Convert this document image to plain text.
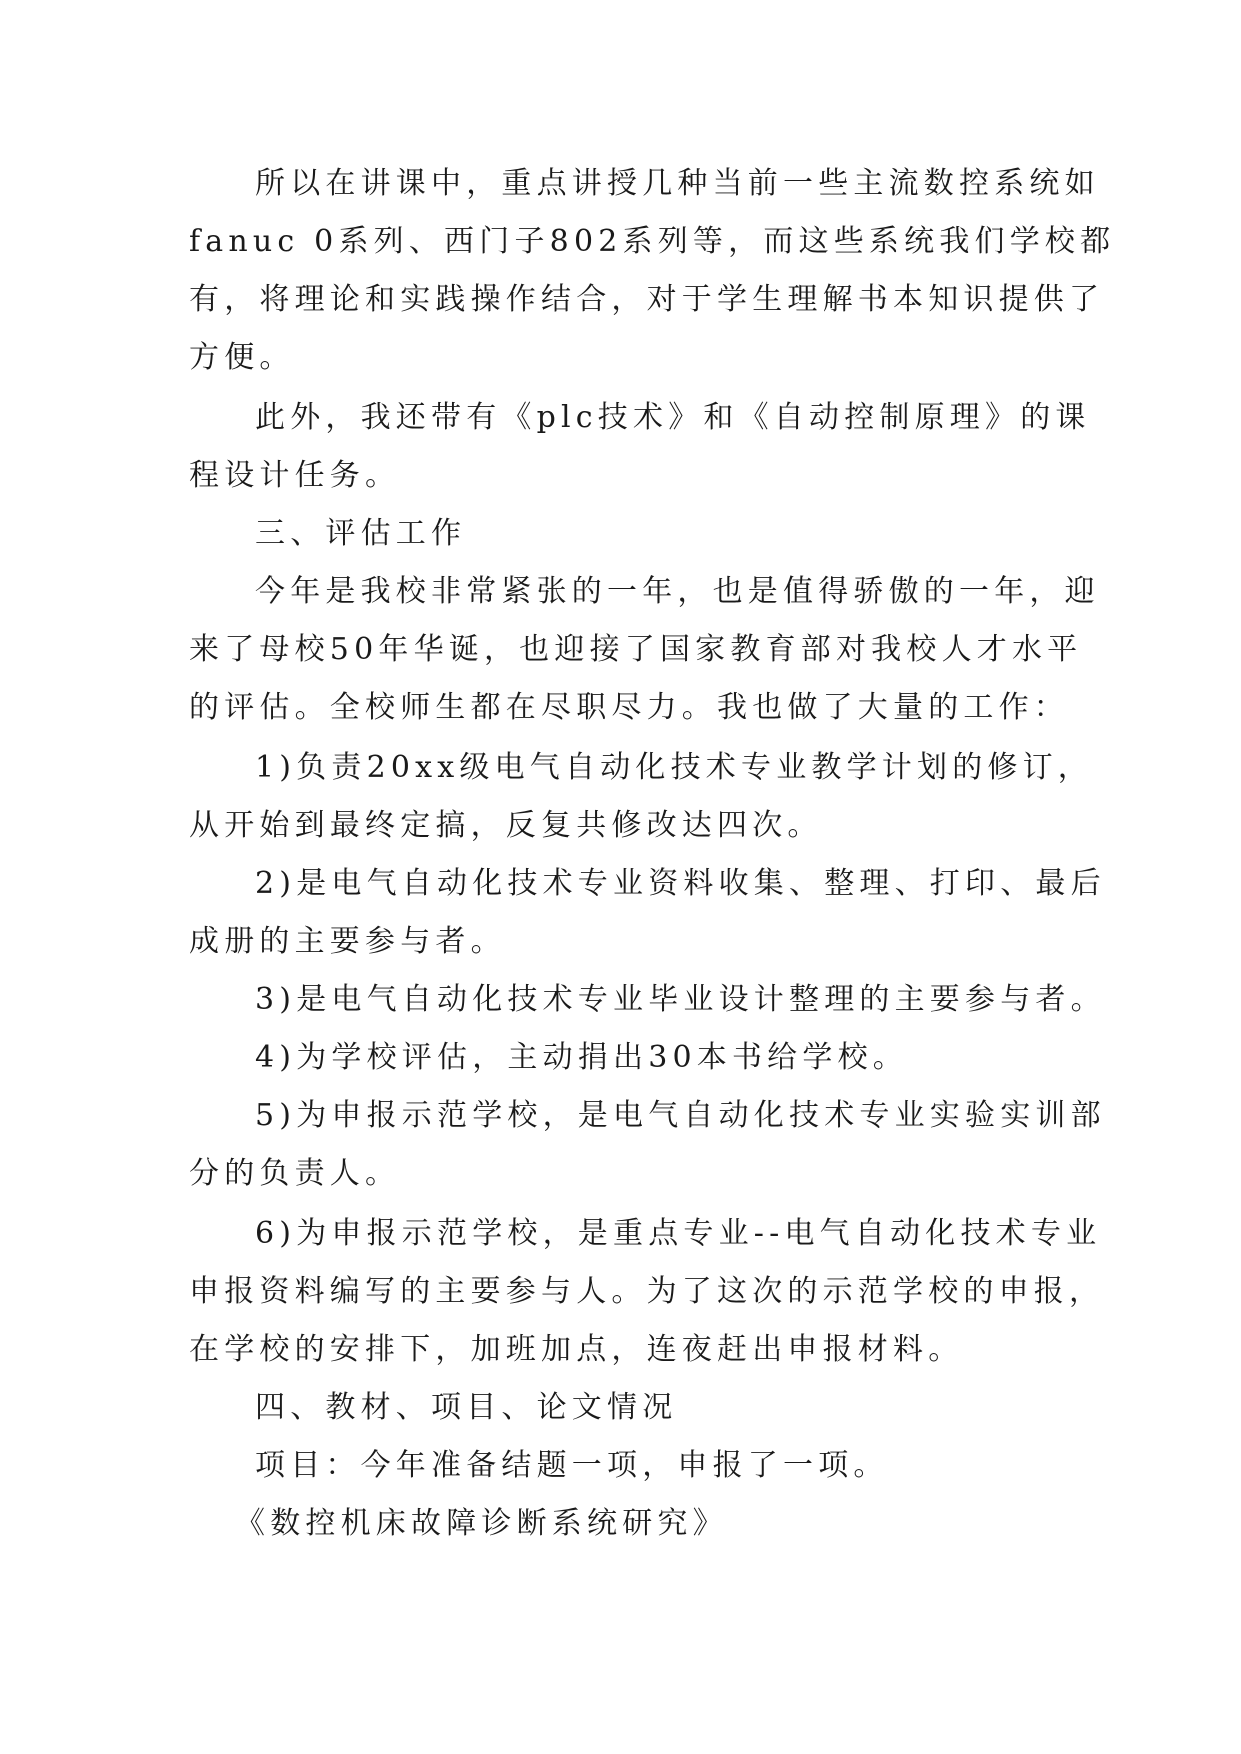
所以在讲课中，重点讲授几种当前一些主流数控系统如
fanuc 0系列、西门子802系列等，而这些系统我们学校都
有，将理论和实践操作结合，对于学生理解书本知识提供了
方便。
此外，我还带有《plc技术》和《自动控制原理》的课
程设计任务。
三、评估工作
今年是我校非常紧张的一年，也是值得骄傲的一年，迎
来了母校50年华诞，也迎接了国家教育部对我校人才水平
的评估。全校师生都在尽职尽力。我也做了大量的工作：
1)负责20xx级电气自动化技术专业教学计划的修订，
从开始到最终定搞，反复共修改达四次。
2)是电气自动化技术专业资料收集、整理、打印、最后
成册的主要参与者。
3)是电气自动化技术专业毕业设计整理的主要参与者。
4)为学校评估，主动捐出30本书给学校。
5)为申报示范学校，是电气自动化技术专业实验实训部
分的负责人。
6)为申报示范学校，是重点专业--电气自动化技术专业
申报资料编写的主要参与人。为了这次的示范学校的申报，
在学校的安排下，加班加点，连夜赶出申报材料。
四、教材、项目、论文情况
项目：今年准备结题一项，申报了一项。
《数控机床故障诊断系统研究》
